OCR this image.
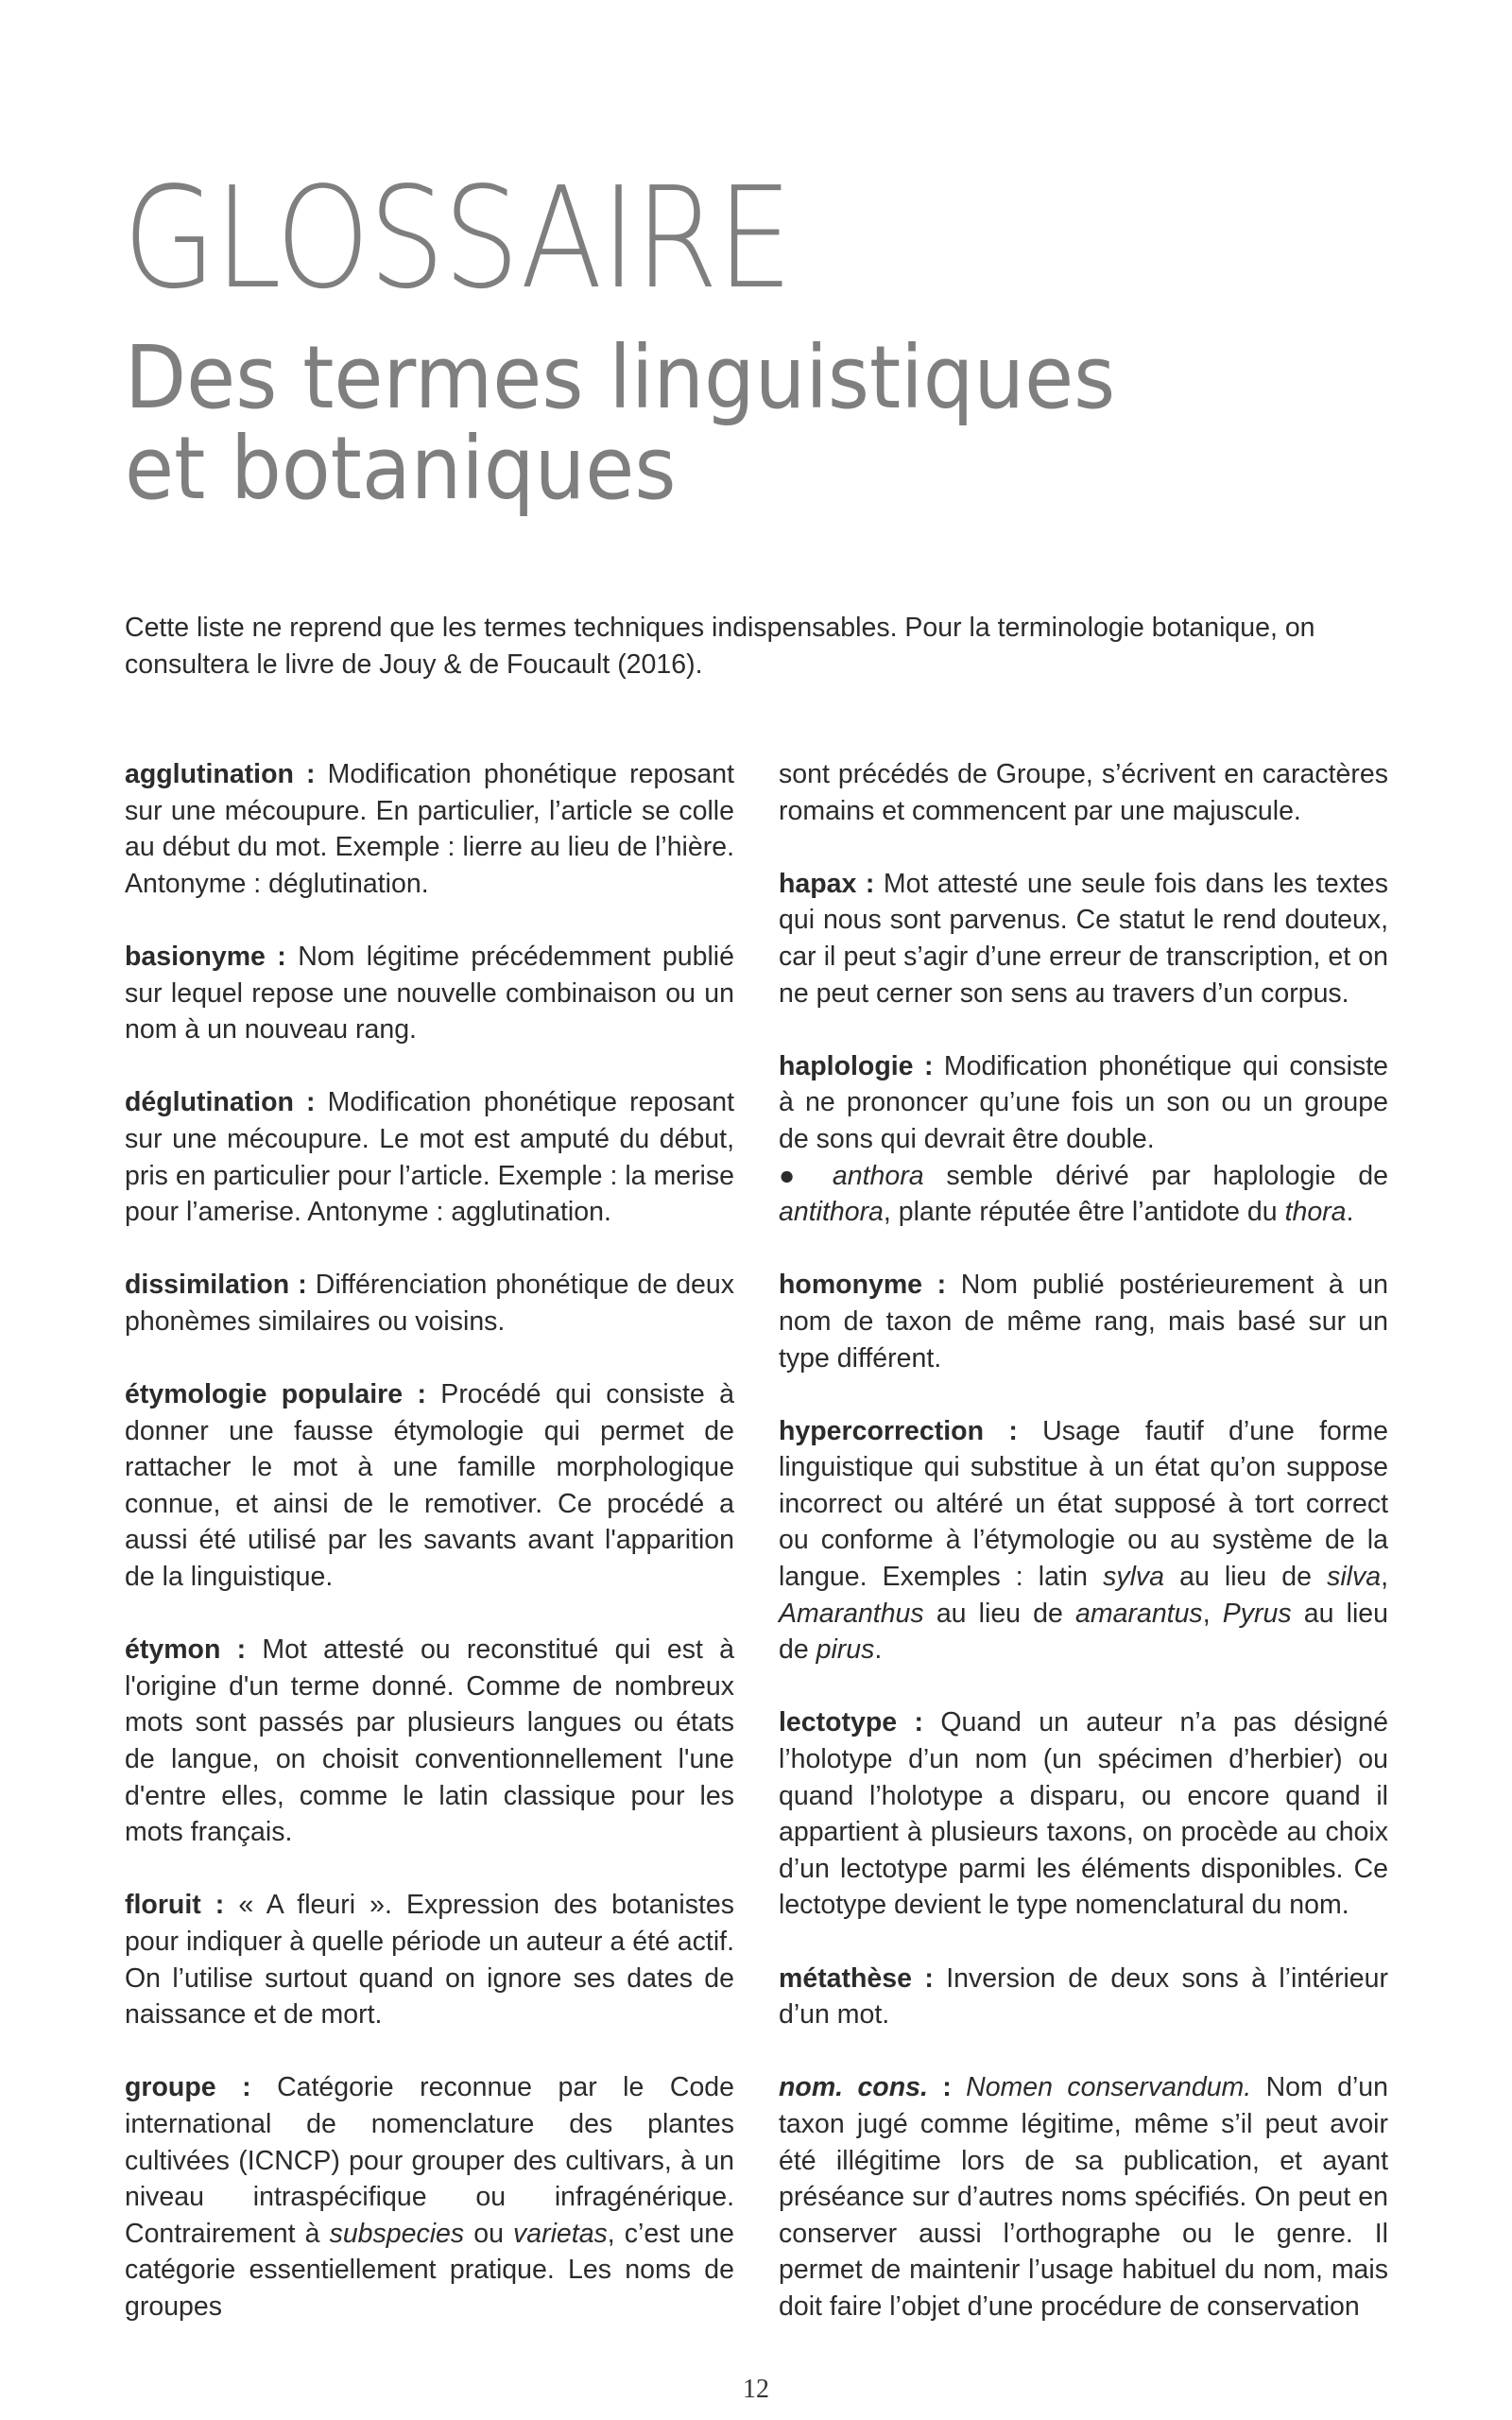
GLOSSAIRE
Des termes linguistiques
et botaniques
Cette liste ne reprend que les termes techniques indispensables. Pour la terminologie botanique, on consultera le livre de Jouy & de Foucault (2016).

agglutination : Modification phonétique reposant sur une mécoupure. En particulier, l’article se colle au début du mot. Exemple : lierre au lieu de l’hière. Antonyme : déglutination.

basionyme : Nom légitime précédemment publié sur lequel repose une nouvelle combinaison ou un nom à un nouveau rang.

déglutination : Modification phonétique reposant sur une mécoupure. Le mot est amputé du début, pris en particulier pour l’article. Exemple : la merise pour l’amerise. Antonyme : agglutination.

dissimilation : Différenciation phonétique de deux phonèmes similaires ou voisins.

étymologie populaire : Procédé qui consiste à donner une fausse étymologie qui permet de rattacher le mot à une famille morphologique connue, et ainsi de le remotiver. Ce procédé a aussi été utilisé par les savants avant l'apparition de la linguistique.

étymon : Mot attesté ou reconstitué qui est à l'origine d'un terme donné. Comme de nombreux mots sont passés par plusieurs langues ou états de langue, on choisit conventionnellement l'une d'entre elles, comme le latin classique pour les mots français.

floruit : « A fleuri ». Expression des botanistes pour indiquer à quelle période un auteur a été actif. On l’utilise surtout quand on ignore ses dates de naissance et de mort.

groupe : Catégorie reconnue par le Code international de nomenclature des plantes cultivées (ICNCP) pour grouper des cultivars, à un niveau intraspécifique ou infragénérique. Contrairement à subspecies ou varietas, c’est une catégorie essentiellement pratique. Les noms de groupes

sont précédés de Groupe, s’écrivent en caractères romains et commencent par une majuscule.

hapax : Mot attesté une seule fois dans les textes qui nous sont parvenus. Ce statut le rend douteux, car il peut s’agir d’une erreur de transcription, et on ne peut cerner son sens au travers d’un corpus.

haplologie : Modification phonétique qui consiste à ne prononcer qu’une fois un son ou un groupe de sons qui devrait être double.
● anthora semble dérivé par haplologie de antithora, plante réputée être l’antidote du thora.

homonyme : Nom publié postérieurement à un nom de taxon de même rang, mais basé sur un type différent.

hypercorrection : Usage fautif d’une forme linguistique qui substitue à un état qu’on suppose incorrect ou altéré un état supposé à tort correct ou conforme à l’étymologie ou au système de la langue. Exemples : latin sylva au lieu de silva, Amaranthus au lieu de amarantus, Pyrus au lieu de pirus.

lectotype : Quand un auteur n’a pas désigné l’holotype d’un nom (un spécimen d’herbier) ou quand l’holotype a disparu, ou encore quand il appartient à plusieurs taxons, on procède au choix d’un lectotype parmi les éléments disponibles. Ce lectotype devient le type nomenclatural du nom.

métathèse : Inversion de deux sons à l’intérieur d’un mot.

nom. cons. : Nomen conservandum. Nom d’un taxon jugé comme légitime, même s’il peut avoir été illégitime lors de sa publication, et ayant préséance sur d’autres noms spécifiés. On peut en conserver aussi l’orthographe ou le genre. Il permet de maintenir l’usage habituel du nom, mais doit faire l’objet d’une procédure de conservation

12
